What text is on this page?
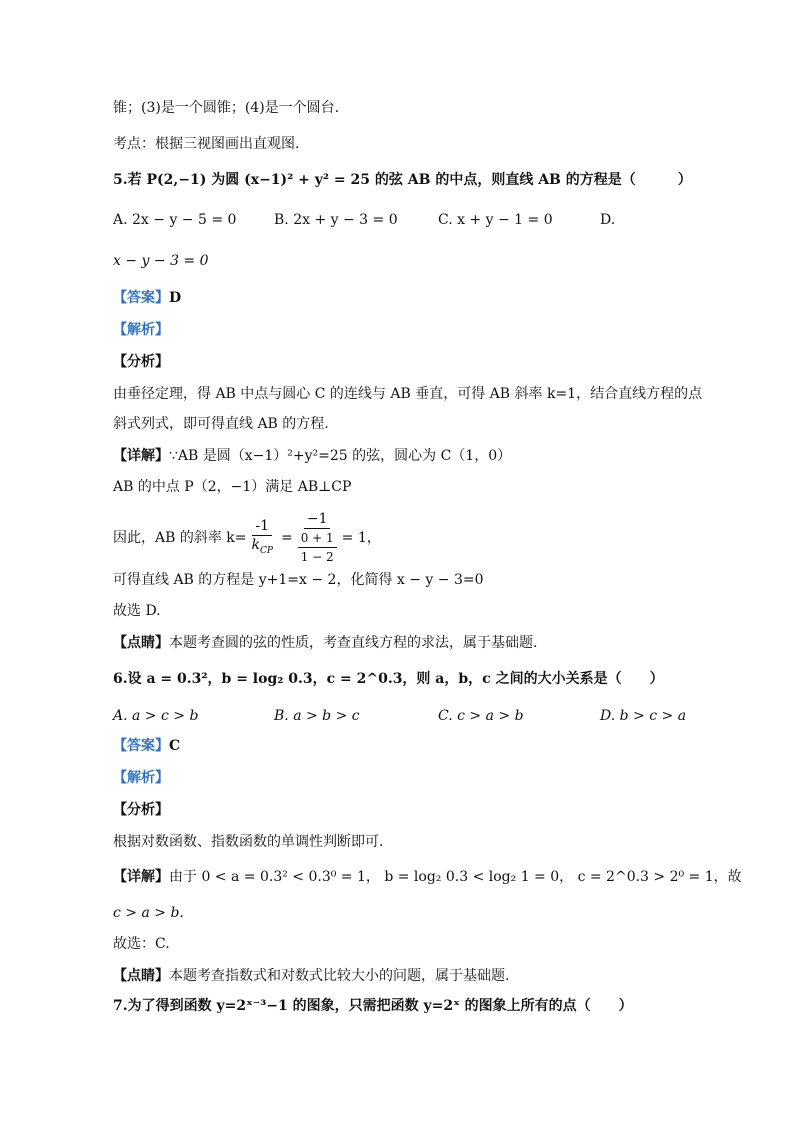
锥；(3)是一个圆锥；(4)是一个圆台.
考点：根据三视图画出直观图.
5.若 P(2,−1) 为圆 (x−1)² + y² = 25 的弦 AB 的中点，则直线 AB 的方程是（　　　）
A. 2x − y − 5 = 0	B. 2x + y − 3 = 0	C. x + y − 1 = 0	D.
x − y − 3 = 0
【答案】D
【解析】
【分析】
由垂径定理，得 AB 中点与圆心 C 的连线与 AB 垂直，可得 AB 斜率 k=1，结合直线方程的点
斜式列式，即可得直线 AB 的方程.
【详解】∵AB 是圆（x−1）²+y²=25 的弦，圆心为 C（1，0）
AB 的中点 P（2，−1）满足 AB⊥CP
因此，AB 的斜率 $k= \frac{-1}{k_{CP}} = \frac{-1}{\frac{0 + 1}{1 - 2}} = 1$，
可得直线 AB 的方程是 y+1=x − 2，化简得 x − y − 3=0
故选 D.
【点睛】本题考查圆的弦的性质，考查直线方程的求法，属于基础题.
6.设 a = 0.3²，b = log₂ 0.3，c = 2^0.3，则 a，b，c 之间的大小关系是（　　）
A. a > c > b	B. a > b > c	C. c > a > b	D. b > c > a
【答案】C
【解析】
【分析】
根据对数函数、指数函数的单调性判断即可.
【详解】由于 0 < a = 0.3² < 0.3⁰ = 1， b = log₂ 0.3 < log₂ 1 = 0， c = 2^0.3 > 2⁰ = 1，故
c > a > b.
故选：C.
【点睛】本题考查指数式和对数式比较大小的问题，属于基础题.
7.为了得到函数 y=2ˣ⁻³−1 的图象，只需把函数 y=2ˣ 的图象上所有的点（　　）
